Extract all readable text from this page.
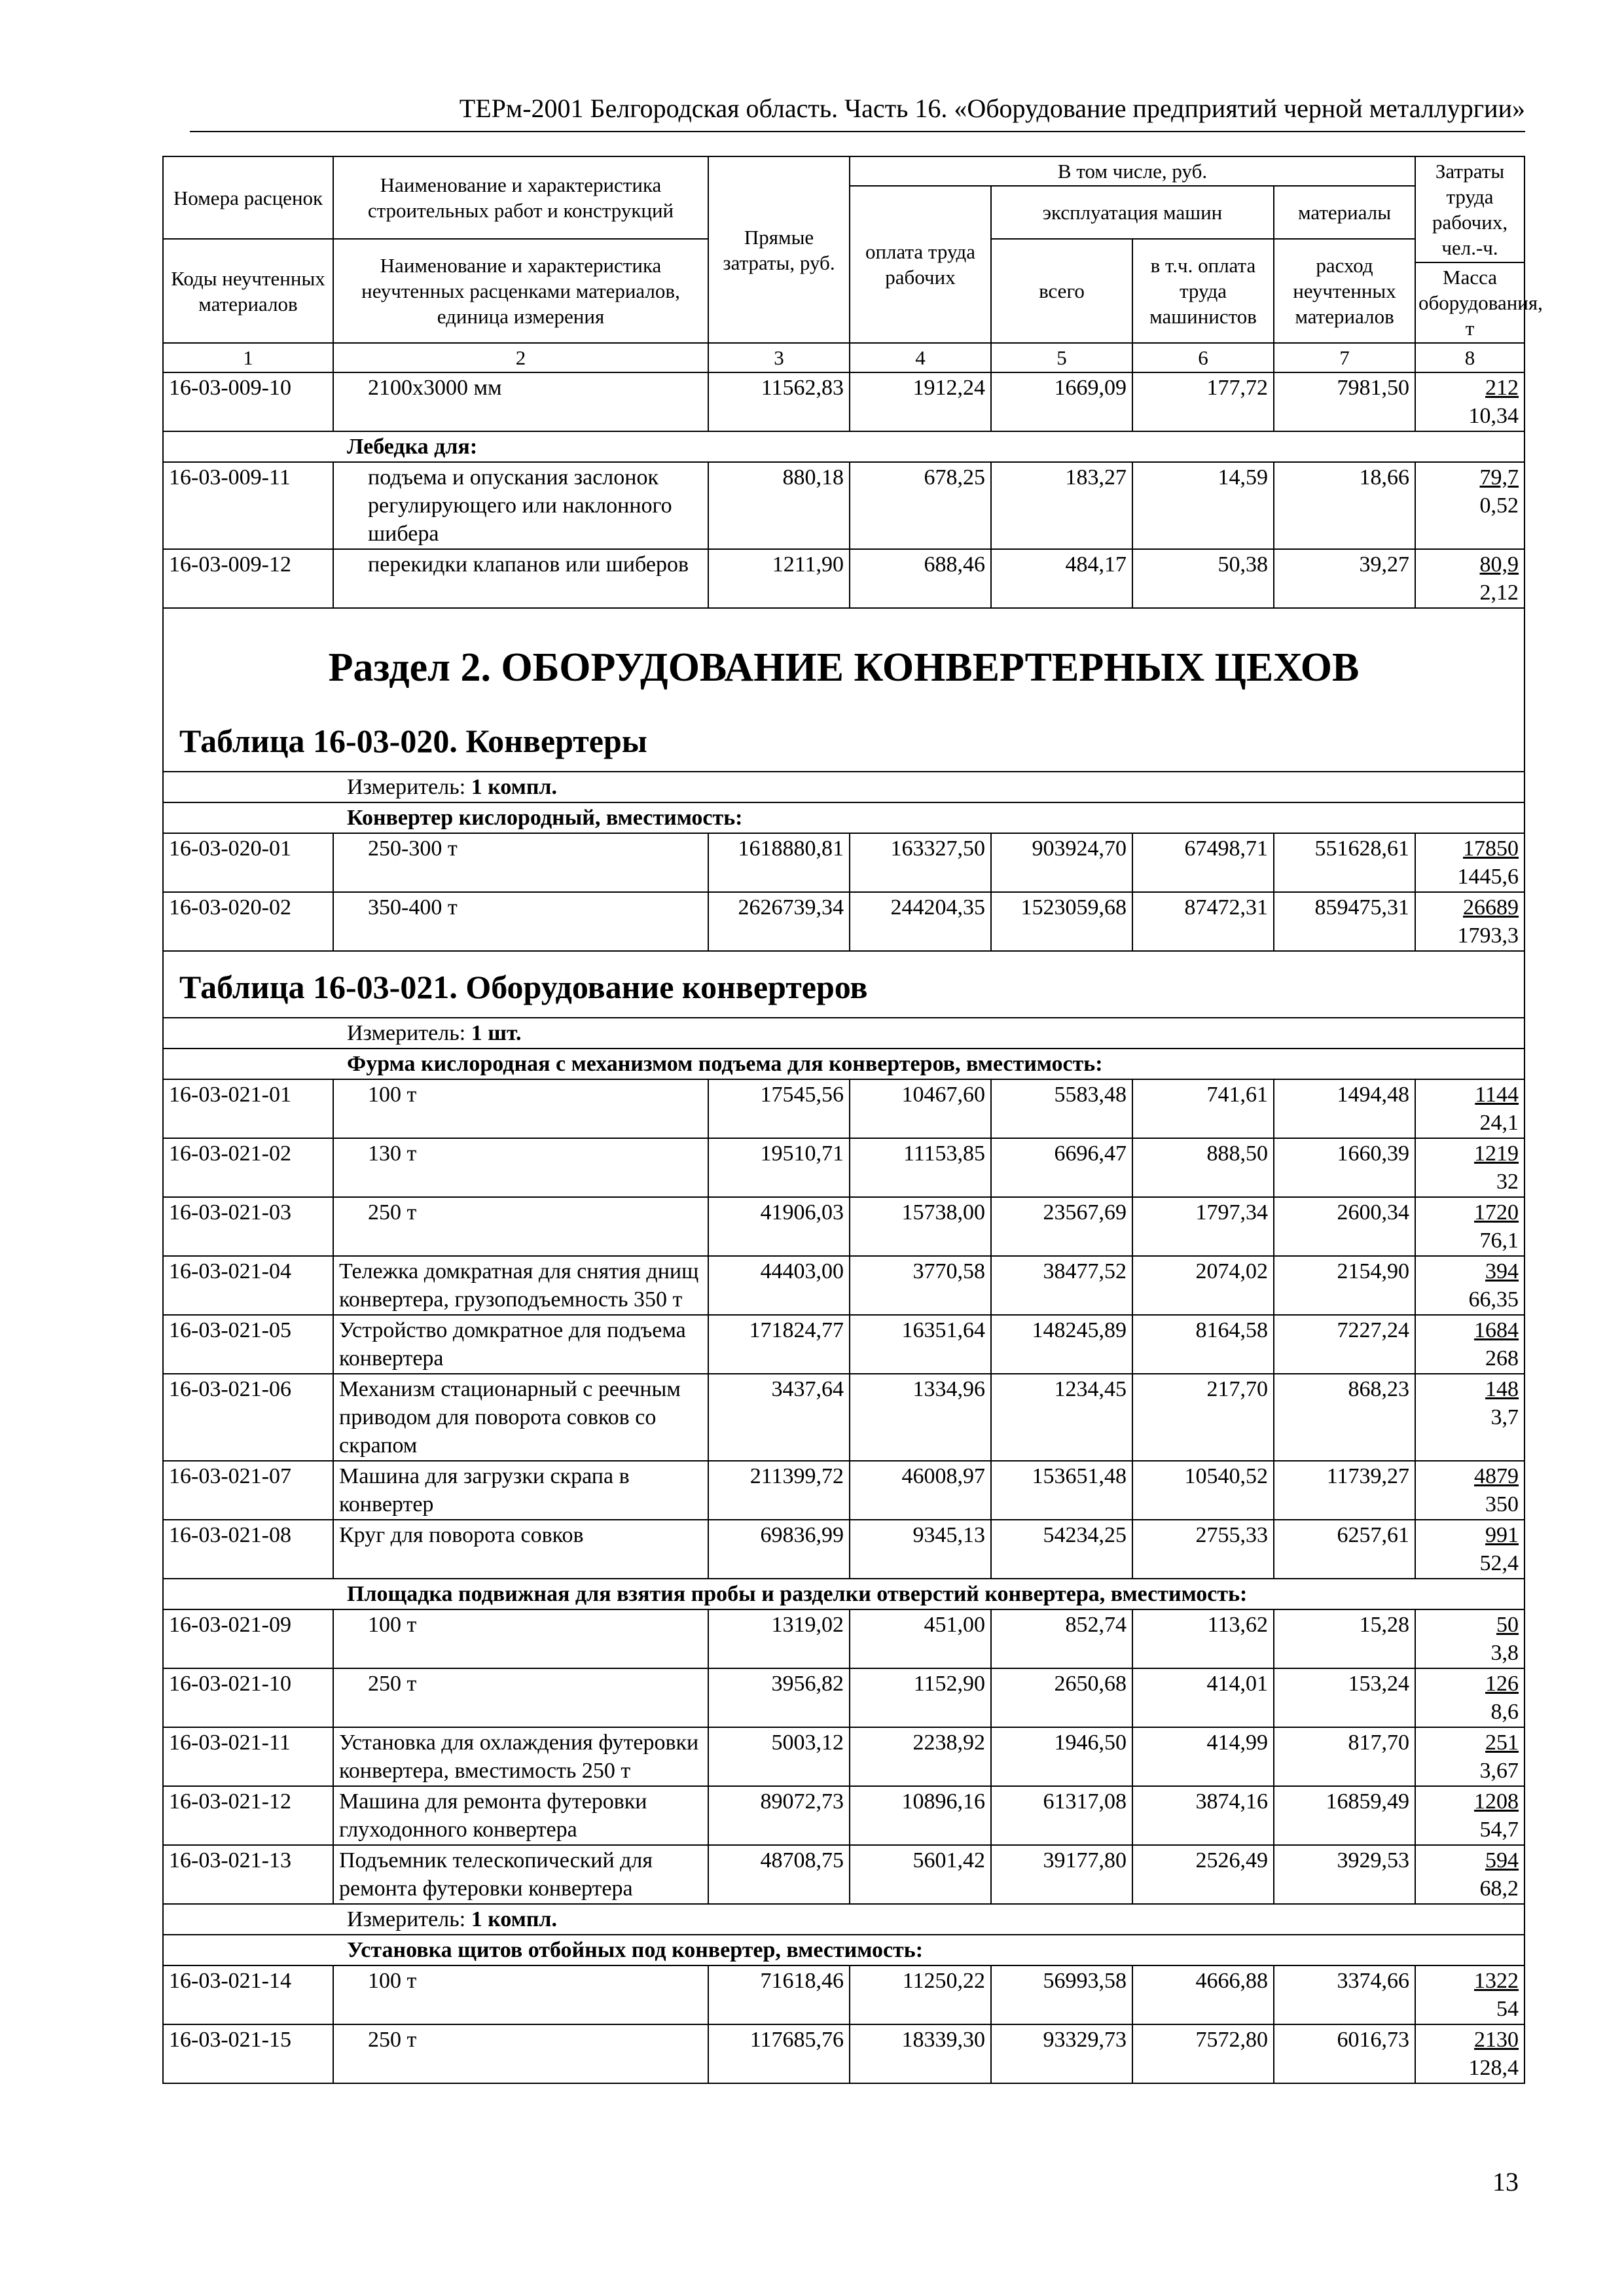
ТЕРм-2001 Белгородская область. Часть 16. «Оборудование предприятий черной металлургии»
Номера расценок	Наименование и характеристика строительных работ и конструкций	Прямые затраты, руб.	В том числе, руб.				Затраты труда рабочих, чел.-ч.
			оплата труда рабочих	эксплуатация машин		материалы	
Коды неучтенных материалов	Наименование и характеристика неучтенных расценками материалов, единица измерения			всего	в т.ч. оплата труда машинистов	расход неучтенных материалов	
							Масса оборудования, т
1	2	3	4	5	6	7	8
16-03-009-10	2100х3000 мм	11562,83	1912,24	1669,09	177,72	7981,50	212
10,34

Лебедка для:							
16-03-009-11	подъема и опускания заслонок регулирующего или наклонного шибера	880,18	678,25	183,27	14,59	18,66	79,7
0,52

16-03-009-12	перекидки клапанов или шиберов	1211,90	688,46	484,17	50,38	39,27	80,9
2,12

Раздел 2. ОБОРУДОВАНИЕ КОНВЕРТЕРНЫХ ЦЕХОВ
Таблица 16-03-020. Конвертеры							

Измеритель: 1 компл.							
Конвертер кислородный, вместимость:							
16-03-020-01	250-300 т	1618880,81	163327,50	903924,70	67498,71	551628,61	17850
1445,6

16-03-020-02	350-400 т	2626739,34	244204,35	1523059,68	87472,31	859475,31	26689
1793,3

Таблица 16-03-021. Оборудование конвертеров							

Измеритель: 1 шт.							
Фурма кислородная с механизмом подъема для конвертеров, вместимость:							
16-03-021-01	100 т	17545,56	10467,60	5583,48	741,61	1494,48	1144
24,1

16-03-021-02	130 т	19510,71	11153,85	6696,47	888,50	1660,39	1219
32

16-03-021-03	250 т	41906,03	15738,00	23567,69	1797,34	2600,34	1720
76,1

16-03-021-04	Тележка домкратная для снятия днищ конвертера, грузоподъемность 350 т	44403,00	3770,58	38477,52	2074,02	2154,90	394
66,35

16-03-021-05	Устройство домкратное для подъема конвертера	171824,77	16351,64	148245,89	8164,58	7227,24	1684
268

16-03-021-06	Механизм стационарный с реечным приводом для поворота совков со скрапом	3437,64	1334,96	1234,45	217,70	868,23	148
3,7

16-03-021-07	Машина для загрузки скрапа в конвертер	211399,72	46008,97	153651,48	10540,52	11739,27	4879
350

16-03-021-08	Круг для поворота совков	69836,99	9345,13	54234,25	2755,33	6257,61	991
52,4

Площадка подвижная для взятия пробы и разделки отверстий конвертера, вместимость:							
16-03-021-09	100 т	1319,02	451,00	852,74	113,62	15,28	50
3,8

16-03-021-10	250 т	3956,82	1152,90	2650,68	414,01	153,24	126
8,6

16-03-021-11	Установка для охлаждения футеровки конвертера, вместимость 250 т	5003,12	2238,92	1946,50	414,99	817,70	251
3,67

16-03-021-12	Машина для ремонта футеровки глуходонного конвертера	89072,73	10896,16	61317,08	3874,16	16859,49	1208
54,7

16-03-021-13	Подъемник телескопический для ремонта футеровки конвертера	48708,75	5601,42	39177,80	2526,49	3929,53	594
68,2

Измеритель: 1 компл.							
Установка щитов отбойных под конвертер, вместимость:							
16-03-021-14	100 т	71618,46	11250,22	56993,58	4666,88	3374,66	1322
54

16-03-021-15	250 т	117685,76	18339,30	93329,73	7572,80	6016,73	2130
128,4
13
